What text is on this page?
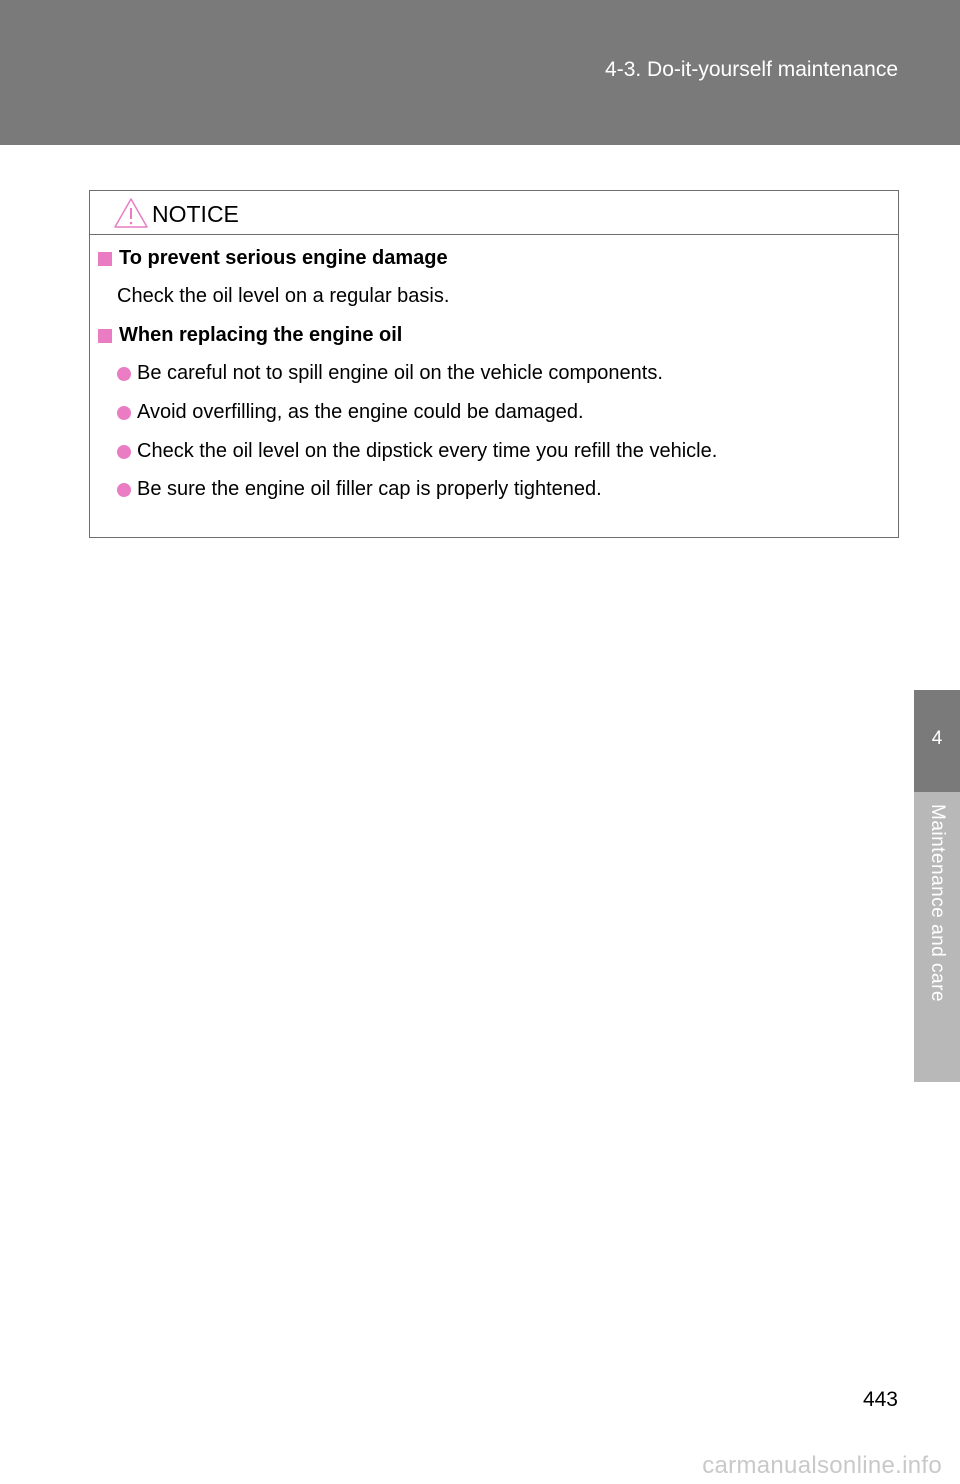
4-3. Do-it-yourself maintenance
4
Maintenance and care
NOTICE
To prevent serious engine damage
Check the oil level on a regular basis.
When replacing the engine oil
Be careful not to spill engine oil on the vehicle components.
Avoid overfilling, as the engine could be damaged.
Check the oil level on the dipstick every time you refill the vehicle.
Be sure the engine oil filler cap is properly tightened.
443
carmanualsonline.info
